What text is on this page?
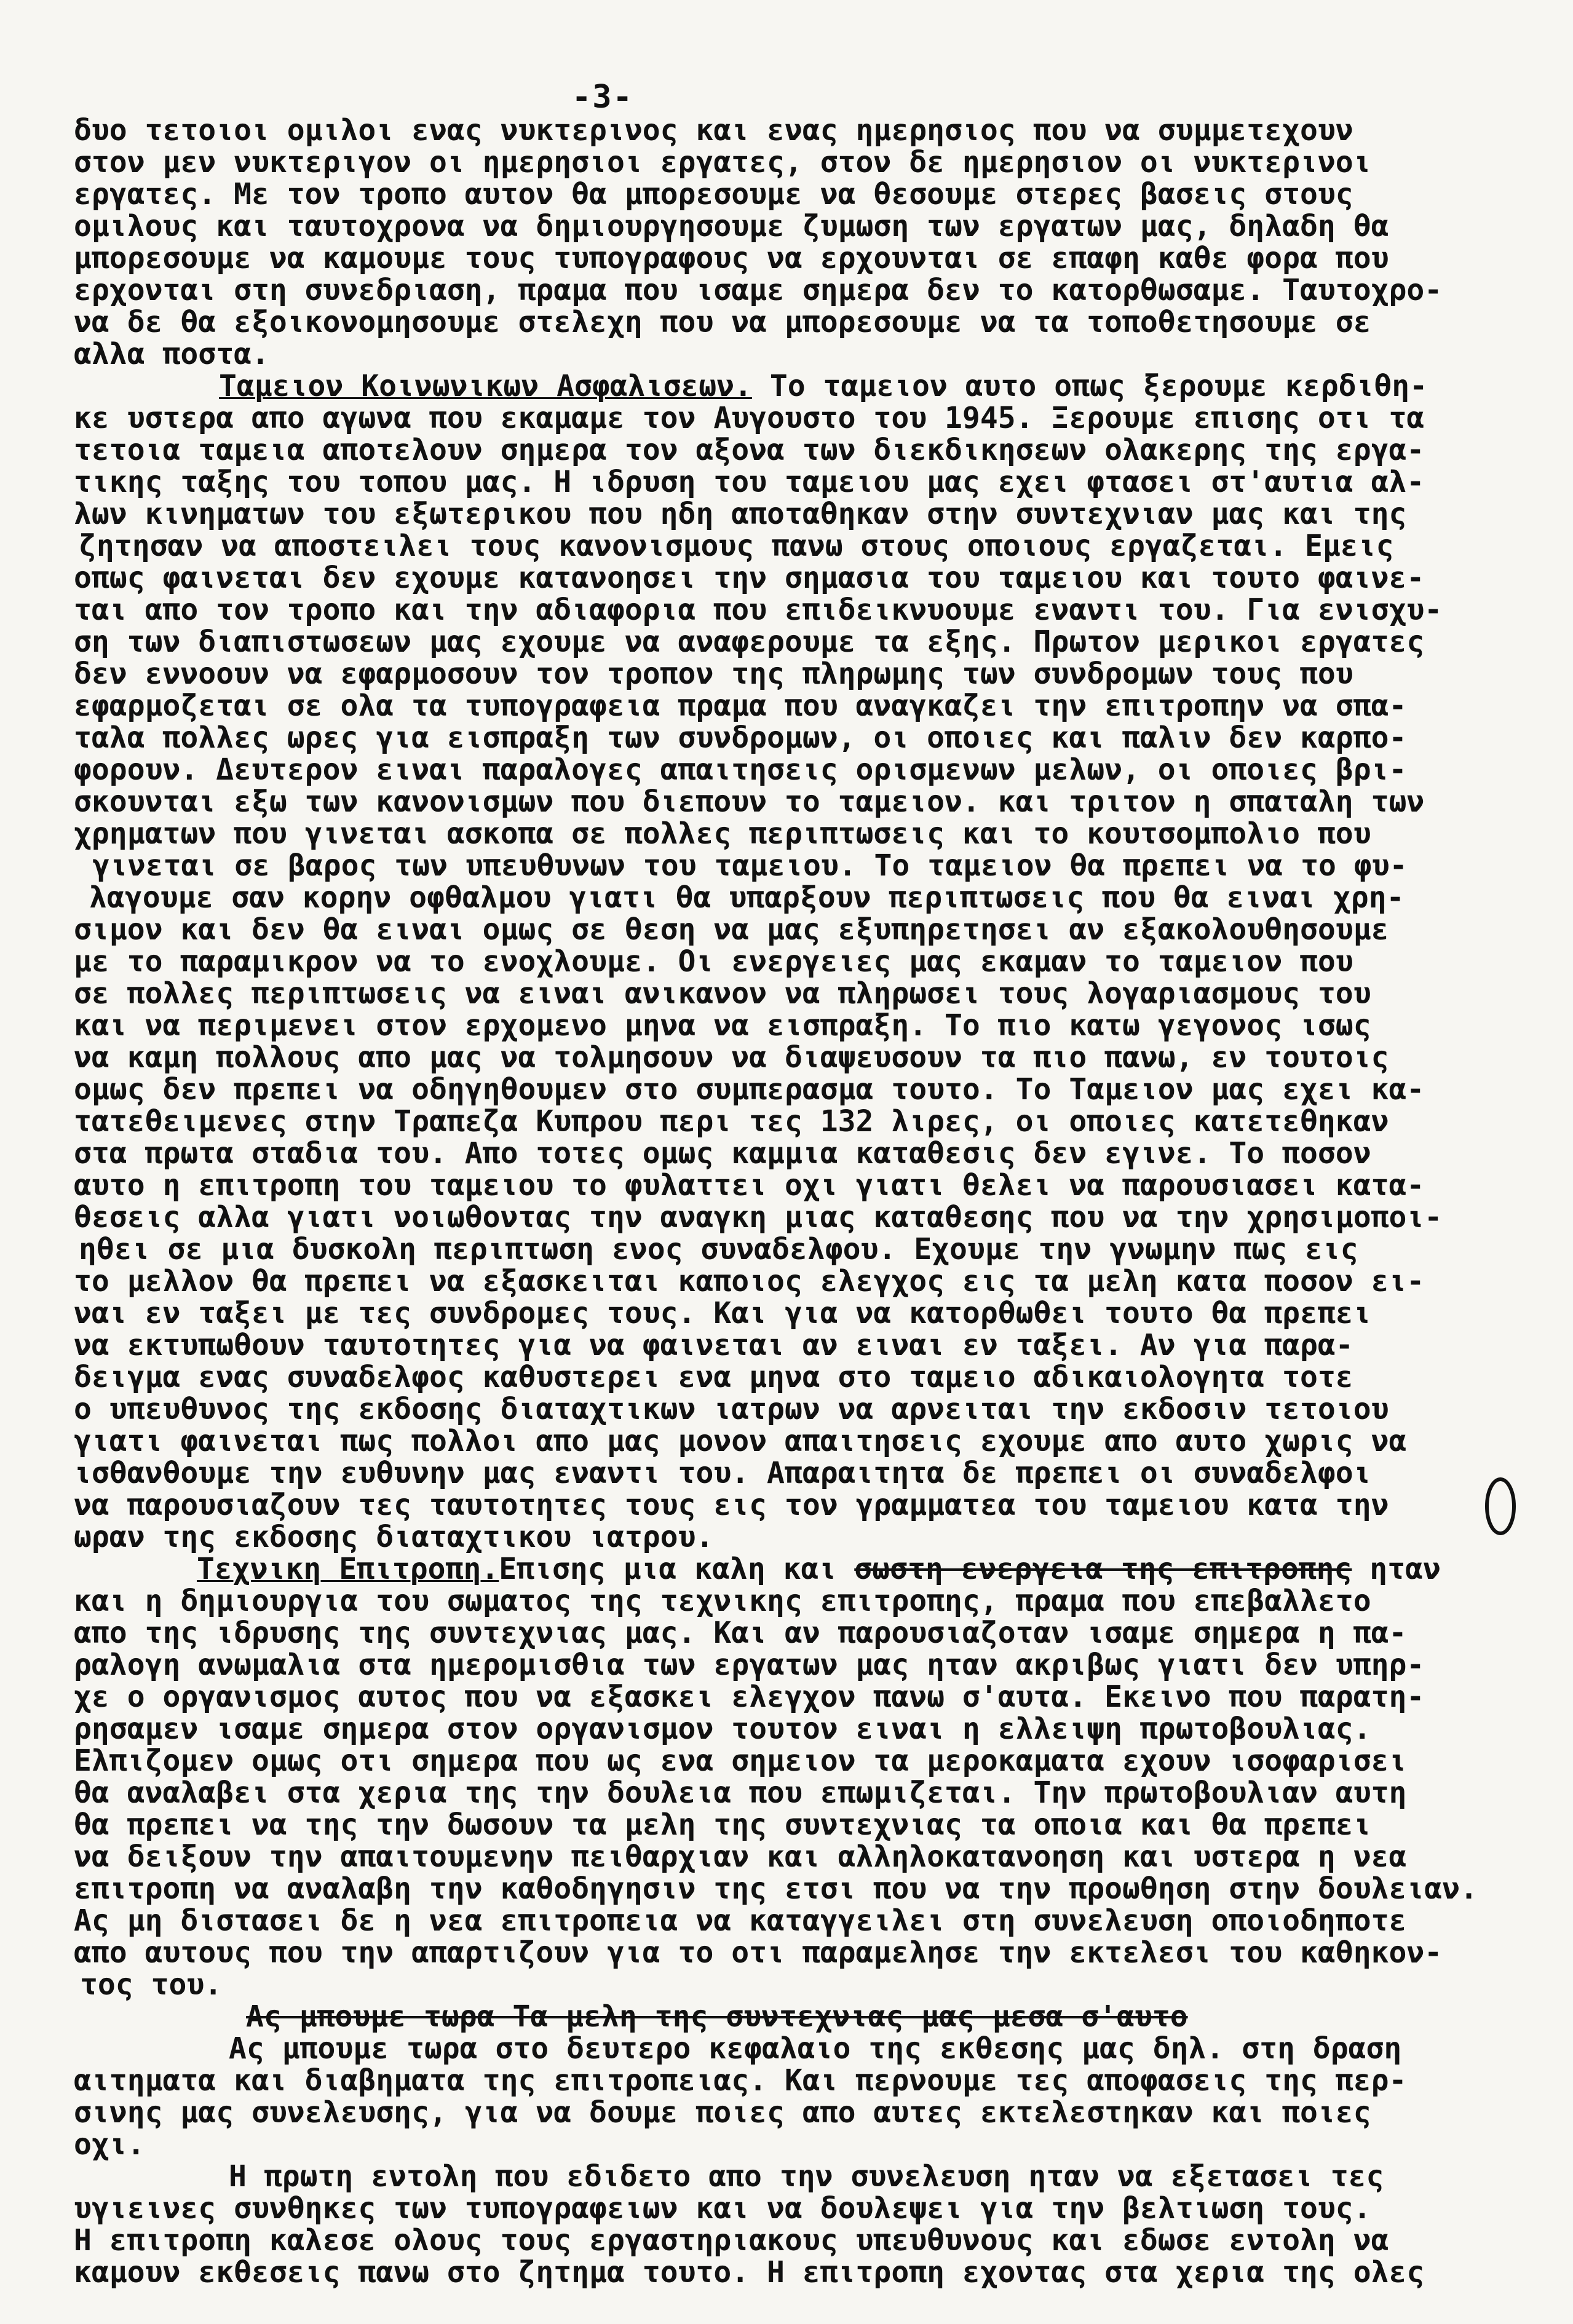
-3-
δυο τετοιοι ομιλοι ενας νυκτερινος και ενας ημερησιος που να συμμετεχουν
στον μεν νυκτεριγον οι ημερησιοι εργατες, στον δε ημερησιον οι νυκτερινοι
εργατες. Με τον τροπο αυτον θα μπορεσουμε να θεσουμε στερες βασεις στους
ομιλους και ταυτοχρονα να δημιουργησουμε ζυμωση των εργατων μας, δηλαδη θα
μπορεσουμε να καμουμε τους τυπογραφους να ερχουνται σε επαφη καθε φορα που
ερχονται στη συνεδριαση, πραμα που ισαμε σημερα δεν το κατορθωσαμε. Ταυτοχρο-
να δε θα εξοικονομησουμε στελεχη που να μπορεσουμε να τα τοποθετησουμε σε
αλλα ποστα.
Ταμειον Κοινωνικων Ασφαλισεων. Το ταμειον αυτο οπως ξερουμε κερδιθη-
κε υστερα απο αγωνα που εκαμαμε τον Αυγουστο του 1945. Ξερουμε επισης οτι τα
τετοια ταμεια αποτελουν σημερα τον αξονα των διεκδικησεων ολακερης της εργα-
τικης ταξης του τοπου μας. Η ιδρυση του ταμειου μας εχει φτασει στ'αυτια αλ-
λων κινηματων του εξωτερικου που ηδη αποταθηκαν στην συντεχνιαν μας και της
ζητησαν να αποστειλει τους κανονισμους πανω στους οποιους εργαζεται. Εμεις
οπως φαινεται δεν εχουμε κατανοησει την σημασια του ταμειου και τουτο φαινε-
ται απο τον τροπο και την αδιαφορια που επιδεικνυουμε εναντι του. Για ενισχυ-
ση των διαπιστωσεων μας εχουμε να αναφερουμε τα εξης. Πρωτον μερικοι εργατες
δεν εννοουν να εφαρμοσουν τον τροπον της πληρωμης των συνδρομων τους που
εφαρμοζεται σε ολα τα τυπογραφεια πραμα που αναγκαζει την επιτροπην να σπα-
ταλα πολλες ωρες για εισπραξη των συνδρομων, οι οποιες και παλιν δεν καρπο-
φορουν. Δευτερον ειναι παραλογες απαιτησεις ορισμενων μελων, οι οποιες βρι-
σκουνται εξω των κανονισμων που διεπουν το ταμειον. και τριτον η σπαταλη των
χρηματων που γινεται ασκοπα σε πολλες περιπτωσεις και το κουτσομπολιο που
γινεται σε βαρος των υπευθυνων του ταμειου. Το ταμειον θα πρεπει να το φυ-
λαγουμε σαν κορην οφθαλμου γιατι θα υπαρξουν περιπτωσεις που θα ειναι χρη-
σιμον και δεν θα ειναι ομως σε θεση να μας εξυπηρετησει αν εξακολουθησουμε
με το παραμικρον να το ενοχλουμε. Οι ενεργειες μας εκαμαν το ταμειον που
σε πολλες περιπτωσεις να ειναι ανικανον να πληρωσει τους λογαριασμους του
και να περιμενει στον ερχομενο μηνα να εισπραξη. Το πιο κατω γεγονος ισως
να καμη πολλους απο μας να τολμησουν να διαψευσουν τα πιο πανω, εν τουτοις
ομως δεν πρεπει να οδηγηθουμεν στο συμπερασμα τουτο. Το Ταμειον μας εχει κα-
τατεθειμενες στην Τραπεζα Κυπρου περι τες 132 λιρες, οι οποιες κατετεθηκαν
στα πρωτα σταδια του. Απο τοτες ομως καμμια καταθεσις δεν εγινε. Το ποσον
αυτο η επιτροπη του ταμειου το φυλαττει οχι γιατι θελει να παρουσιασει κατα-
θεσεις αλλα γιατι νοιωθοντας την αναγκη μιας καταθεσης που να την χρησιμοποι-
ηθει σε μια δυσκολη περιπτωση ενος συναδελφου. Εχουμε την γνωμην πως εις
το μελλον θα πρεπει να εξασκειται καποιος ελεγχος εις τα μελη κατα ποσον ει-
ναι εν ταξει με τες συνδρομες τους. Και για να κατορθωθει τουτο θα πρεπει
να εκτυπωθουν ταυτοτητες για να φαινεται αν ειναι εν ταξει. Αν για παρα-
δειγμα ενας συναδελφος καθυστερει ενα μηνα στο ταμειο αδικαιολογητα τοτε
ο υπευθυνος της εκδοσης διαταχτικων ιατρων να αρνειται την εκδοσιν τετοιου
γιατι φαινεται πως πολλοι απο μας μονον απαιτησεις εχουμε απο αυτο χωρις να
ισθανθουμε την ευθυνην μας εναντι του. Απαραιτητα δε πρεπει οι συναδελφοι
να παρουσιαζουν τες ταυτοτητες τους εις τον γραμματεα του ταμειου κατα την
ωραν της εκδοσης διαταχτικου ιατρου.
Τεχνικη Επιτροπη.Επισης μια καλη και σωστη ενεργεια της επιτροπης ηταν
και η δημιουργια του σωματος της τεχνικης επιτροπης, πραμα που επεβαλλετο
απο της ιδρυσης της συντεχνιας μας. Και αν παρουσιαζοταν ισαμε σημερα η πα-
ραλογη ανωμαλια στα ημερομισθια των εργατων μας ηταν ακριβως γιατι δεν υπηρ-
χε ο οργανισμος αυτος που να εξασκει ελεγχον πανω σ'αυτα. Εκεινο που παρατη-
ρησαμεν ισαμε σημερα στον οργανισμον τουτον ειναι η ελλειψη πρωτοβουλιας.
Ελπιζομεν ομως οτι σημερα που ως ενα σημειον τα μεροκαματα εχουν ισοφαρισει
θα αναλαβει στα χερια της την δουλεια που επωμιζεται. Την πρωτοβουλιαν αυτη
θα πρεπει να της την δωσουν τα μελη της συντεχνιας τα οποια και θα πρεπει
να δειξουν την απαιτουμενην πειθαρχιαν και αλληλοκατανοηση και υστερα η νεα
επιτροπη να αναλαβη την καθοδηγησιν της ετσι που να την προωθηση στην δουλειαν.
Ας μη διστασει δε η νεα επιτροπεια να καταγγειλει στη συνελευση οποιοδηποτε
απο αυτους που την απαρτιζουν για το οτι παραμελησε την εκτελεσι του καθηκον-
τος του.
Ας μπουμε τωρα Τα μελη της συντεχνιας μας μεσα σ'αυτο
Ας μπουμε τωρα στο δευτερο κεφαλαιο της εκθεσης μας δηλ. στη δραση
αιτηματα και διαβηματα της επιτροπειας. Και περνουμε τες αποφασεις της περ-
σινης μας συνελευσης, για να δουμε ποιες απο αυτες εκτελεστηκαν και ποιες
οχι.
Η πρωτη εντολη που εδιδετο απο την συνελευση ηταν να εξετασει τες
υγιεινες συνθηκες των τυπογραφειων και να δουλεψει για την βελτιωση τους.
Η επιτροπη καλεσε ολους τους εργαστηριακους υπευθυνους και εδωσε εντολη να
καμουν εκθεσεις πανω στο ζητημα τουτο. Η επιτροπη εχοντας στα χερια της ολες
